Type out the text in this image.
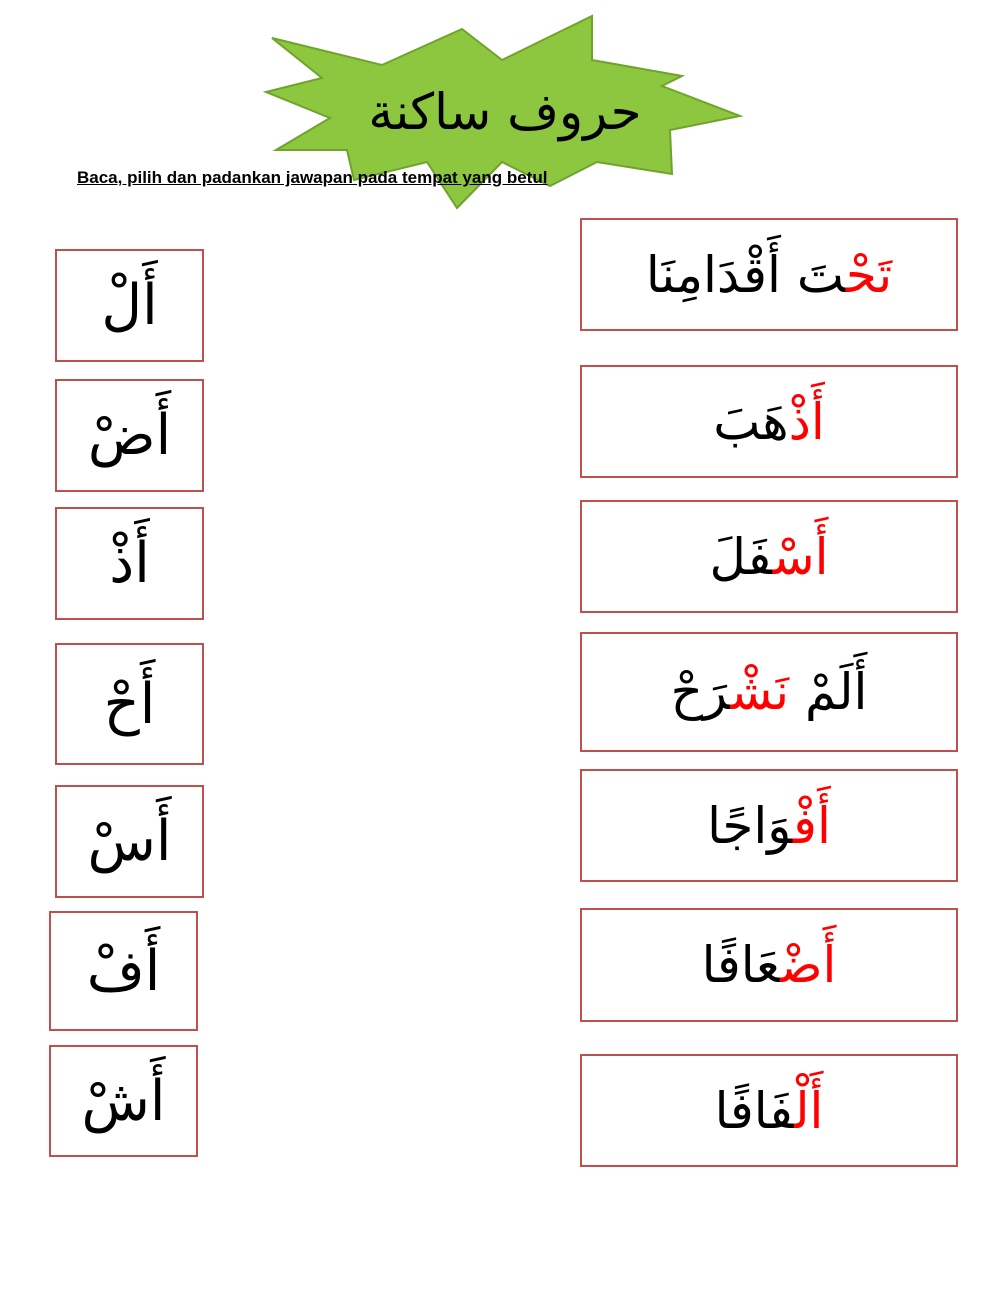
حروف ساكنة
Baca, pilih dan padankan jawapan pada tempat yang betul
أَلْ
أَضْ
أَذْ
أَحْ
أَسْ
أَفْ
أَشْ
تَحْتَ أَقْدَامِنَا
أَذْهَبَ
أَسْفَلَ
أَلَمْ نَشْرَحْ
أَفْوَاجًا
أَضْعَافًا
أَلْفَافًا
